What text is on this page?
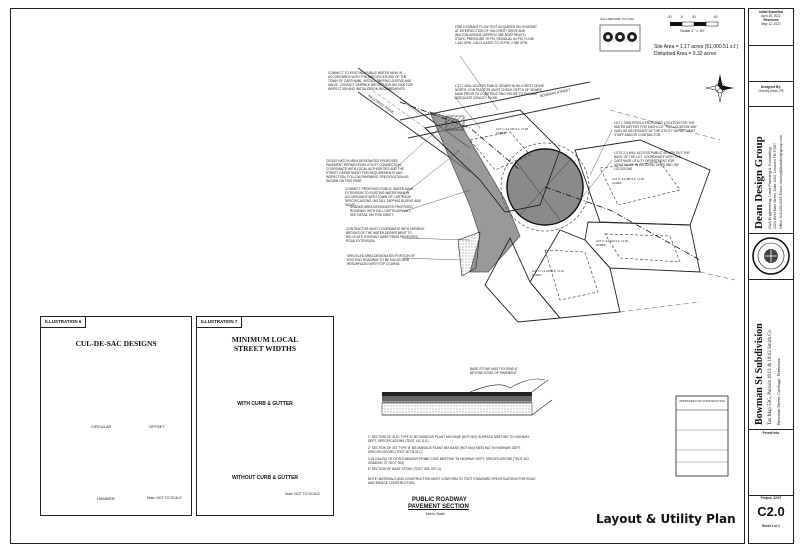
30	0	30	60
Scale 1" = 30'
CALL BEFORE YOU DIG
Site Area = 1.17 acres (51,000.51 s.f.)
Disturbed Area = 0.32 acres
CONNECT TO EXISTING PUBLIC WATER MAIN IN ACCORDANCE WITH THE SPECIFICATIONS OF THE TOWN OF CARTHAGE. INSTALL TAPPING SLEEVE AND VALVE. CONTACT DERRICK BROOKS 615-000-0000 FOR INSPECTION AND INSTALLATION REQUIREMENTS.
FIRE HYDRANT FLOW TEST ACQUIRED ON HYDRANT AT INTERSECTION OF HILLCREST DRIVE AND WALTON AVENUE (APPROX 365' NORTHEAST): STATIC PRESSURE 78 PSI, RESIDUAL 64 PSI, FLOW 1,160 GPM. CALCULATED TO 20 PSI: 2,982 GPM.
LOT 1 WILL ACCESS PUBLIC SEWER IN HILLCREST DRIVE NORTH. CONTRACTOR MUST CHECK DEPTH OF SEWER MAIN PRIOR TO CONSTRUCTING HOUSE TO ENSURE ADEQUATE GRAVITY FLOW.
CROSS HATCH AREA DESIGNATES PROPOSED PAVEMENT REPAIR FROM UTILITY CONNECTION. COORDINATE WITH LOCAL AUTHORITIES AND THE STREET DEPARTMENT FOR REQUIREMENTS AND INSPECTION. FOLLOW PAVEMENT SPECIFICATION AS SHOWN ON THIS PAGE.
CONNECT PROPOSED PUBLIC WATER MAIN EXTENSION TO EXISTING WATER MAIN IN ACCORDANCE WITH TOWN OF CARTHAGE SPECIFICATIONS. INSTALL TAPPING SLEEVE AND VALVE.
SHADED AREA DESIGNATES PROPOSED ROADWAY WITH FULL DEPTH ASPHALT. SEE DETAIL ON THIS SHEET.
CONTRACTOR MUST COORDINATE WITH DERRICK BROOKS OF THE WATER DEPARTMENT TO RELOCATE HYDRANT AWAY FROM PROPOSED ROAD EXTENSION.
SPECKLED AREA DESIGNATES PORTION OF EXISTING ROADWAY TO BE MILLED AND RESURFACED WITH TOP COURSE.
LOT 1 IDENTIFIES A PROPOSED LOCATION FOR THE WATER METERS FOR EACH LOT. THIS LOCATION MAY VARY AS NECESSARY BY THE UTILITY DEPARTMENT STAFF AND/OR CONTRACTOR.
LOTS 2-4 WILL ACCESS PUBLIC SEWER OUT THE BACK OF THE LOT. COORDINATE WITH THE CARTHAGE UTILITY DEPARTMENT FOR ASSISTANCE IN LOCATING LINES AND TAP LOCATIONS.
BASE STONE MUST EXTEND 6" BEYOND EDGE OF PAVEMENT
LOT 1 / 12,340 S.F. / 0.28 ACRES
LOT 2 / 12,480 S.F. / 0.29 ACRES
LOT 3 / 12,810 S.F. / 0.29 ACRES
LOT 4 / 13,420 S.F. / 0.31 ACRES
HILLCREST DRIVE
BOWMAN STREET
1" SECTION OF 411D TYPE 'D' BITUMINOUS PLANT MIX BASE (HOT MIX) SURFACE MEETING TN HIGHWAY DEPT. SPECIFICATIONS (TDOT 411-D-E)
2" SECTION OF 307 TYPE 'B' BITUMINOUS PLANT MIX BASE (HOT MIX) MEETING TN HIGHWAY DEPT. SPECIFICATIONS (TDOT 307-B-M-C)
0.25 GAL/SQ YD OF BITUMINOUS PRIME COAT MEETING TN HIGHWAY DEPT. SPECIFICATIONS (TDOT 402, GRADING 'D' TDOT 303)
6" SECTION OF BASE STONE (TDOT 303, GR. D)
NOTE: MATERIALS AND CONSTRUCTION MUST CONFORM TO TDOT STANDARD SPECIFICATIONS FOR ROAD AND BRIDGE CONSTRUCTION.
PUBLIC ROADWAY
PAVEMENT SECTION
Not to Scale
APPROVED FOR CONSTRUCTION
Layout & Utility Plan
ILLUSTRATION 6
CUL-DE-SAC DESIGNS
CIRCULAR	OFFSET
HAMMER	Note: NOT TO SCALE
ILLUSTRATION 7
MINIMUM LOCAL
STREET WIDTHS
WITH CURB & GUTTER
WITHOUT CURB & GUTTER
Note: NOT TO SCALE
Initial Submittal
April 18, 2022
Revisions
May 12, 2022
Designed By:
Charley Dean, PE
Dean Design Group Civil Engineering, Land Planning & Consulting 1024 West Main Street, Suite 1002, Lebanon TN 37087 Office: 615-000-0000 Email: charley@deandesigngroup.com
Bowman St Subdivision Tax Map 53G, Parcels 18.01 & 18.02 Smith Co Bowman Street, Carthage, Tennessee
Permit Info
Project: 22/07
C2.0
Sheet 1 of 1
